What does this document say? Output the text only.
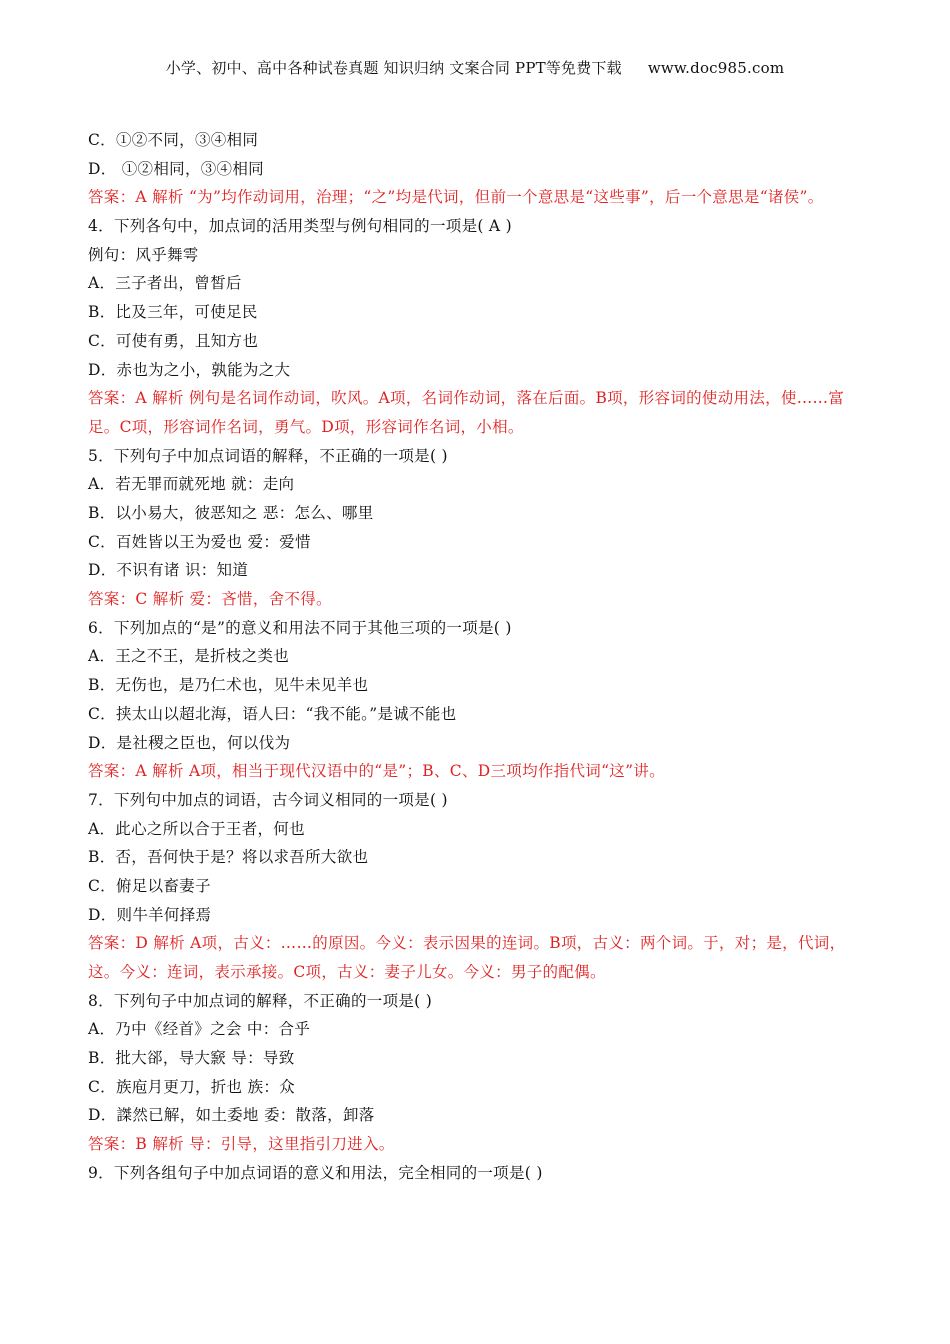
小学、初中、高中各种试卷真题 知识归纳 文案合同 PPT等免费下载 www.doc985.com
C．①②不同，③④相同
D． ①②相同，③④相同
答案：A 解析 “为”均作动词用，治理；“之”均是代词，但前一个意思是“这些事”，后一个意思是“诸侯”。
4．下列各句中，加点词的活用类型与例句相同的一项是( A )
例句：风乎舞雩
A．三子者出，曾皙后
B．比及三年，可使足民
C．可使有勇，且知方也
D．赤也为之小，孰能为之大
答案：A 解析 例句是名词作动词，吹风。A项，名词作动词，落在后面。B项，形容词的使动用法，使……富足。C项，形容词作名词，勇气。D项，形容词作名词，小相。
5．下列句子中加点词语的解释，不正确的一项是( )
A．若无罪而就死地 就：走向
B．以小易大，彼恶知之 恶：怎么、哪里
C．百姓皆以王为爱也 爱：爱惜
D．不识有诸 识：知道
答案：C 解析 爱：吝惜，舍不得。
6．下列加点的“是”的意义和用法不同于其他三项的一项是( )
A．王之不王，是折枝之类也
B．无伤也，是乃仁术也，见牛未见羊也
C．挟太山以超北海，语人曰：“我不能。”是诚不能也
D．是社稷之臣也，何以伐为
答案：A 解析 A项，相当于现代汉语中的“是”；B、C、D三项均作指代词“这”讲。
7．下列句中加点的词语，古今词义相同的一项是( )
A．此心之所以合于王者，何也
B．否，吾何快于是？将以求吾所大欲也
C．俯足以畜妻子
D．则牛羊何择焉
答案：D 解析 A项，古义：……的原因。今义：表示因果的连词。B项，古义：两个词。于，对；是，代词，这。今义：连词，表示承接。C项，古义：妻子儿女。今义：男子的配偶。
8．下列句子中加点词的解释，不正确的一项是( )
A．乃中《经首》之会 中：合乎
B．批大郤，导大窾 导：导致
C．族庖月更刀，折也 族：众
D．謋然已解，如土委地 委：散落，卸落
答案：B 解析 导：引导，这里指引刀进入。
9．下列各组句子中加点词语的意义和用法，完全相同的一项是( )
